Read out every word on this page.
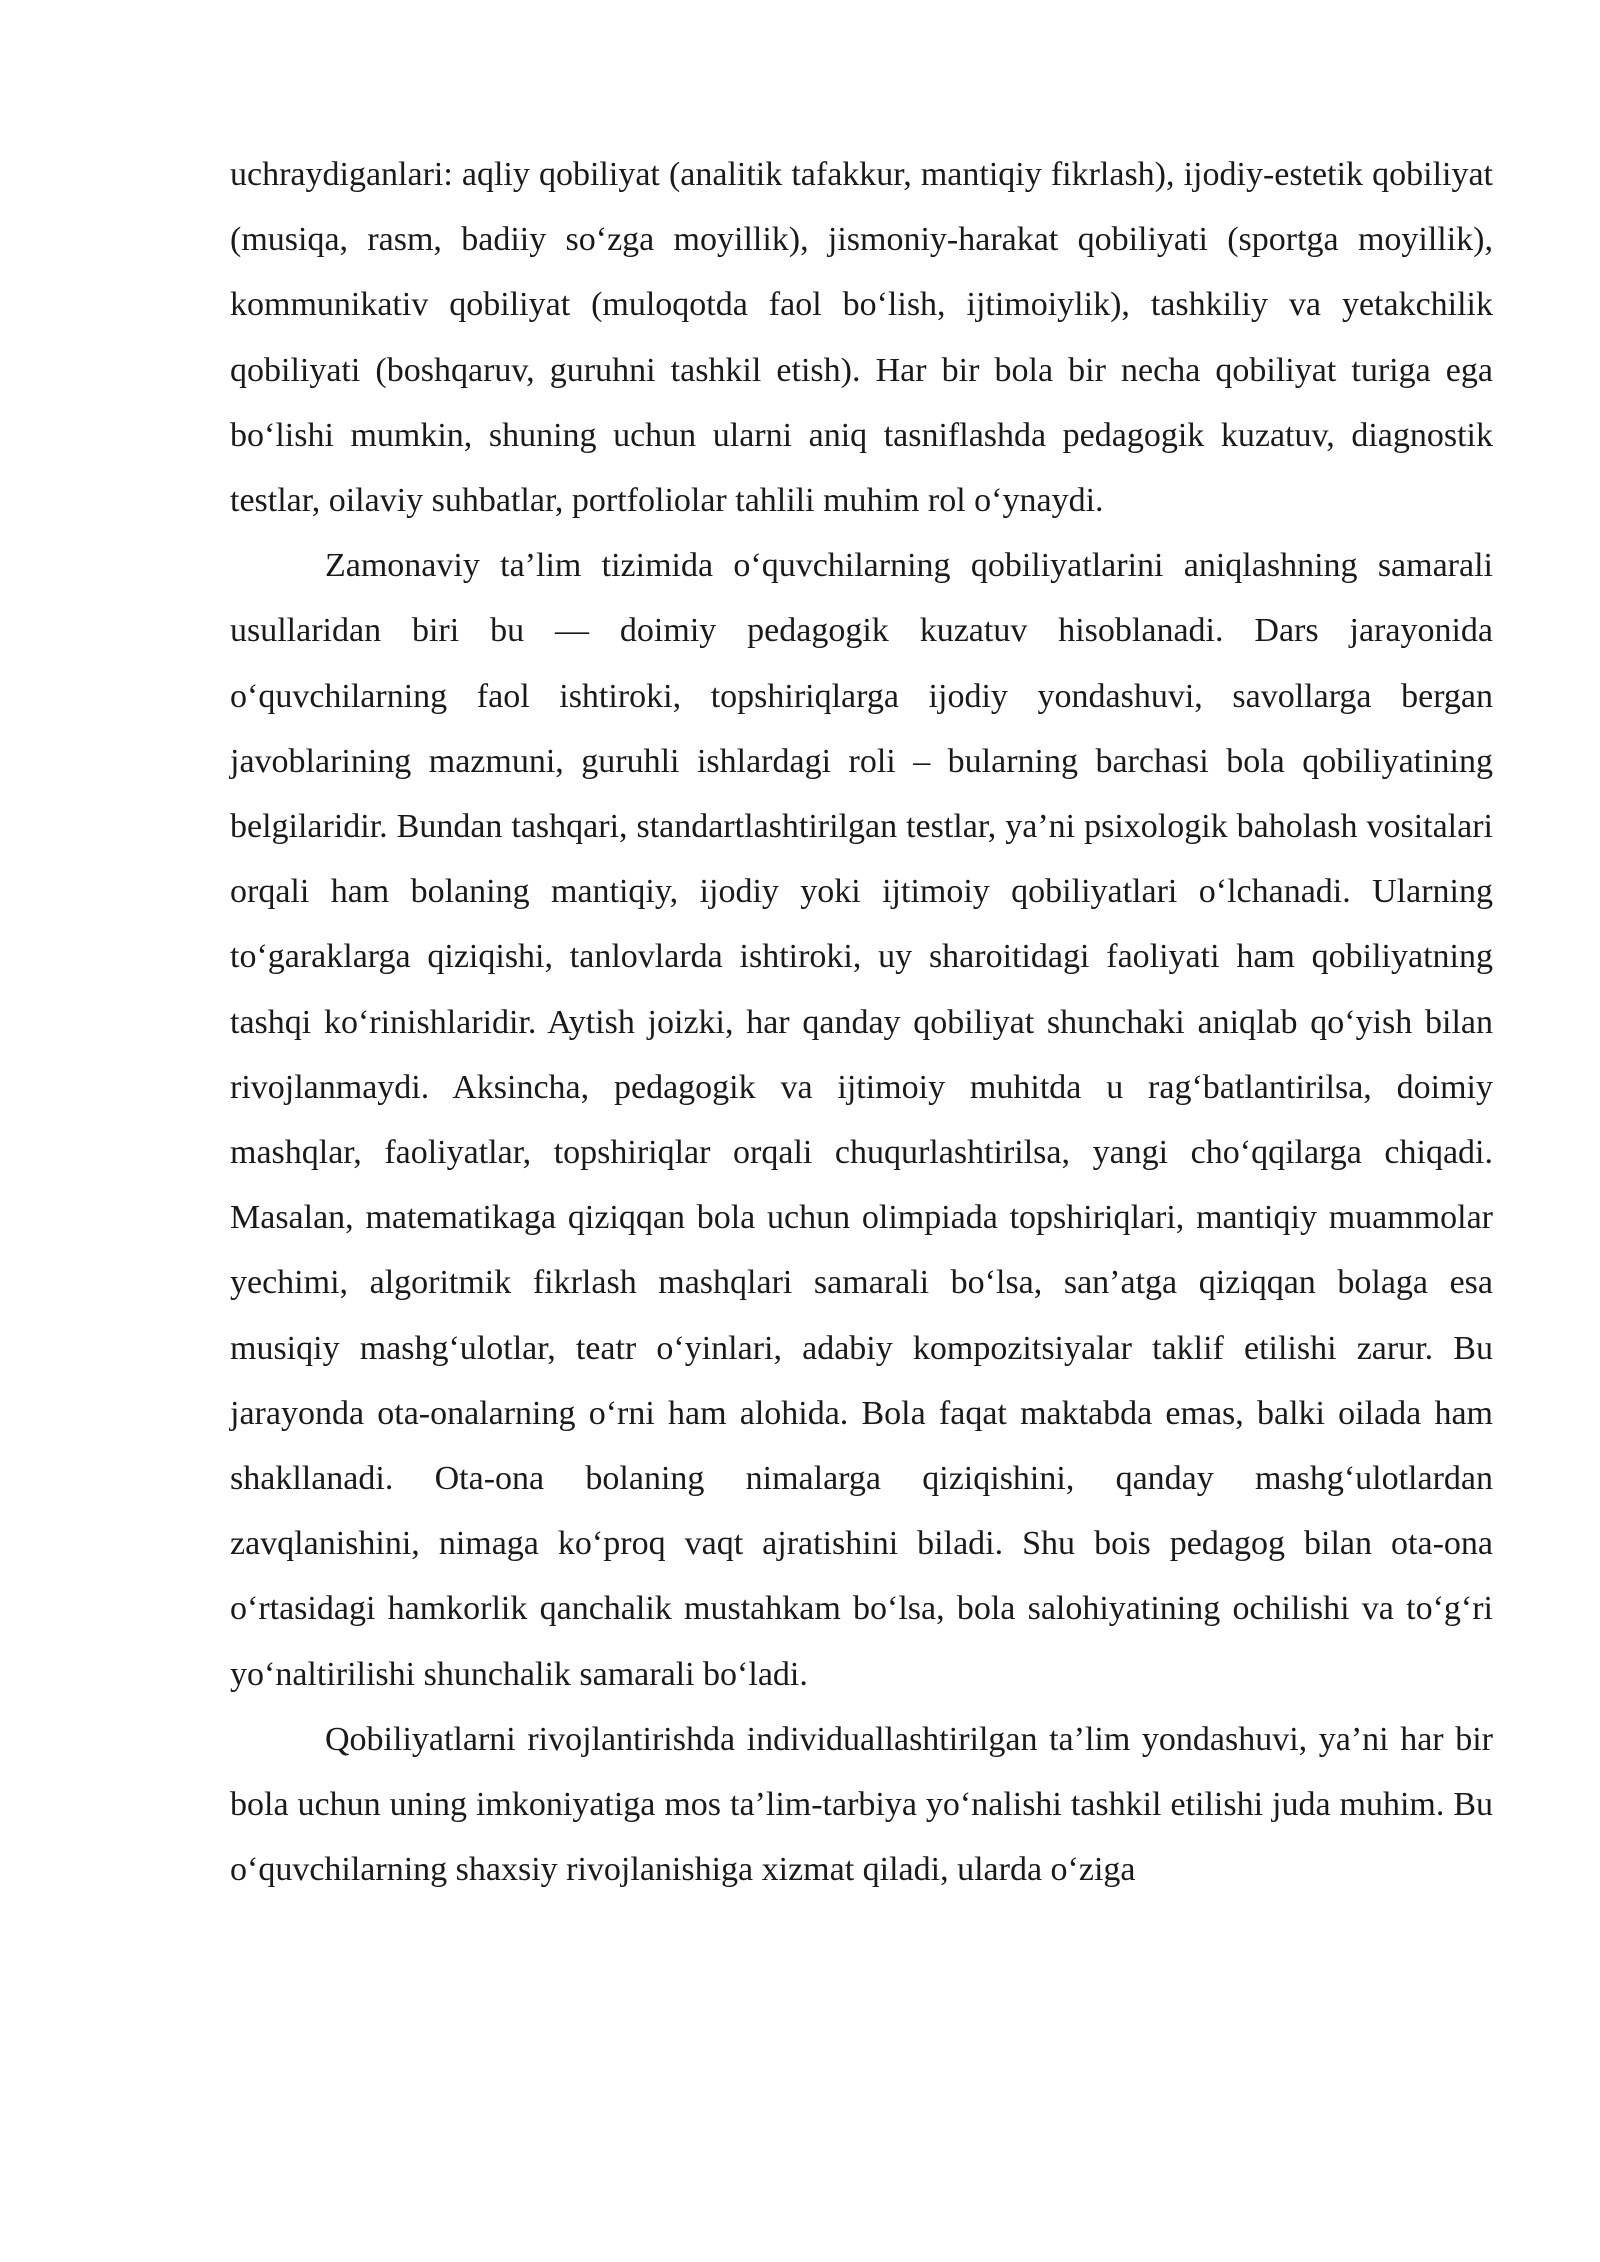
uchraydiganlari: aqliy qobiliyat (analitik tafakkur, mantiqiy fikrlash), ijodiy-estetik qobiliyat (musiqa, rasm, badiiy so‘zga moyillik), jismoniy-harakat qobiliyati (sportga moyillik), kommunikativ qobiliyat (muloqotda faol bo‘lish, ijtimoiylik), tashkiliy va yetakchilik qobiliyati (boshqaruv, guruhni tashkil etish). Har bir bola bir necha qobiliyat turiga ega bo‘lishi mumkin, shuning uchun ularni aniq tasniflashda pedagogik kuzatuv, diagnostik testlar, oilaviy suhbatlar, portfoliolar tahlili muhim rol o‘ynaydi.

Zamonaviy ta’lim tizimida o‘quvchilarning qobiliyatlarini aniqlashning samarali usullaridan biri bu — doimiy pedagogik kuzatuv hisoblanadi. Dars jarayonida o‘quvchilarning faol ishtiroki, topshiriqlarga ijodiy yondashuvi, savollarga bergan javoblarining mazmuni, guruhli ishlardagi roli – bularning barchasi bola qobiliyatining belgilaridir. Bundan tashqari, standartlashtirilgan testlar, ya’ni psixologik baholash vositalari orqali ham bolaning mantiqiy, ijodiy yoki ijtimoiy qobiliyatlari o‘lchanadi. Ularning to‘garaklarga qiziqishi, tanlovlarda ishtiroki, uy sharoitidagi faoliyati ham qobiliyatning tashqi ko‘rinishlaridir. Aytish joizki, har qanday qobiliyat shunchaki aniqlab qo‘yish bilan rivojlanmaydi. Aksincha, pedagogik va ijtimoiy muhitda u rag‘batlantirilsa, doimiy mashqlar, faoliyatlar, topshiriqlar orqali chuqurlashtirilsa, yangi cho‘qqilarga chiqadi. Masalan, matematikaga qiziqqan bola uchun olimpiada topshiriqlari, mantiqiy muammolar yechimi, algoritmik fikrlash mashqlari samarali bo‘lsa, san’atga qiziqqan bolaga esa musiqiy mashg‘ulotlar, teatr o‘yinlari, adabiy kompozitsiyalar taklif etilishi zarur. Bu jarayonda ota-onalarning o‘rni ham alohida. Bola faqat maktabda emas, balki oilada ham shakllanadi. Ota-ona bolaning nimalarga qiziqishini, qanday mashg‘ulotlardan zavqlanishini, nimaga ko‘proq vaqt ajratishini biladi. Shu bois pedagog bilan ota-ona o‘rtasidagi hamkorlik qanchalik mustahkam bo‘lsa, bola salohiyatining ochilishi va to‘g‘ri yo‘naltirilishi shunchalik samarali bo‘ladi.

Qobiliyatlarni rivojlantirishda individuallashtirilgan ta’lim yondashuvi, ya’ni har bir bola uchun uning imkoniyatiga mos ta’lim-tarbiya yo‘nalishi tashkil etilishi juda muhim. Bu o‘quvchilarning shaxsiy rivojlanishiga xizmat qiladi, ularda o‘ziga
